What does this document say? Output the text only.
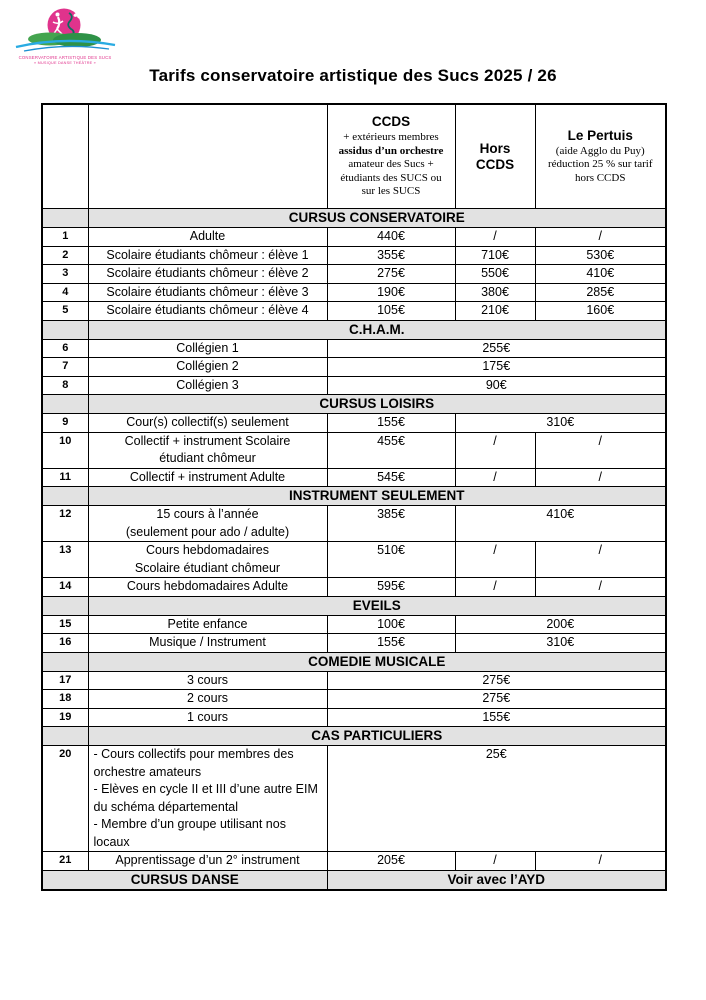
CONSERVATOIRE ARTISTIQUE DES SUCS
« MUSIQUE DANSE THÉÂTRE »
Tarifs conservatoire artistique des Sucs 2025 / 26

CCDS
+ extérieurs membres
assidus d’un orchestre
amateur des Sucs +
étudiants des SUCS ou
sur les SUCS

Hors CCDS

Le Pertuis
(aide Agglo du Puy)
réduction 25 % sur tarif
hors CCDS

	CURSUS CONSERVATOIRE			
1	Adulte	440€	/	/
2	Scolaire étudiants chômeur : élève 1	355€	710€	530€
3	Scolaire étudiants chômeur : élève 2	275€	550€	410€
4	Scolaire étudiants chômeur : élève 3	190€	380€	285€
5	Scolaire étudiants chômeur : élève 4	105€	210€	160€
	C.H.A.M.			
6	Collégien 1	255€		
7	Collégien 2	175€		
8	Collégien 3	90€		
	CURSUS LOISIRS			
9	Cour(s) collectif(s) seulement	155€	310€	
10	Collectif + instrument Scolaire
étudiant chômeur	455€	/	/
11	Collectif + instrument Adulte	545€	/	/
	INSTRUMENT SEULEMENT			
12	15 cours à l’année
(seulement pour ado / adulte)	385€	410€	
13	Cours hebdomadaires
Scolaire étudiant chômeur	510€	/	/
14	Cours hebdomadaires Adulte	595€	/	/
	EVEILS			
15	Petite enfance	100€	200€	
16	Musique / Instrument	155€	310€	
	COMEDIE MUSICALE			
17	3 cours	275€		
18	2 cours	275€		
19	1 cours	155€		
	CAS PARTICULIERS			
20	- Cours collectifs pour membres des orchestre amateurs
- Elèves en cycle II et III d’une autre EIM du schéma départemental
- Membre d’un groupe utilisant nos locaux	25€		
21	Apprentissage d’un 2° instrument	205€	/	/
CURSUS DANSE		Voir avec l’AYD		
